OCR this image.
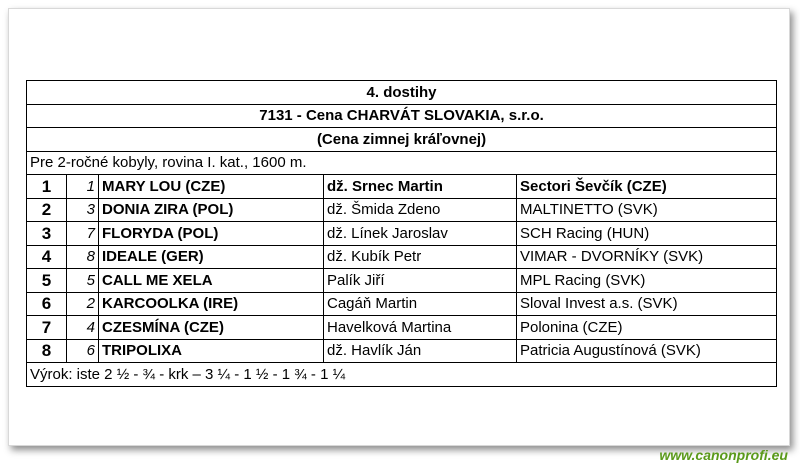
4. dostihy				
7131 - Cena CHARVÁT SLOVAKIA, s.r.o.				
(Cena zimnej kráľovnej)				
Pre 2-ročné kobyly, rovina I. kat., 1600 m.				
1	1	MARY LOU (CZE)	dž. Srnec Martin	Sectori Ševčík (CZE)
2	3	DONIA ZIRA (POL)	dž. Šmida Zdeno	MALTINETTO (SVK)
3	7	FLORYDA (POL)	dž. Línek Jaroslav	SCH Racing (HUN)
4	8	IDEALE (GER)	dž. Kubík Petr	VIMAR - DVORNÍKY (SVK)
5	5	CALL ME XELA	Palík Jiří	MPL Racing (SVK)
6	2	KARCOOLKA (IRE)	Cagáň Martin	Sloval Invest a.s. (SVK)
7	4	CZESMÍNA (CZE)	Havelková Martina	Polonina (CZE)
8	6	TRIPOLIXA	dž. Havlík Ján	Patricia Augustínová (SVK)
Výrok: iste 2 ½ - ¾ - krk – 3 ¼ - 1 ½ - 1 ¾ - 1 ¼				
www.canonprofi.eu
